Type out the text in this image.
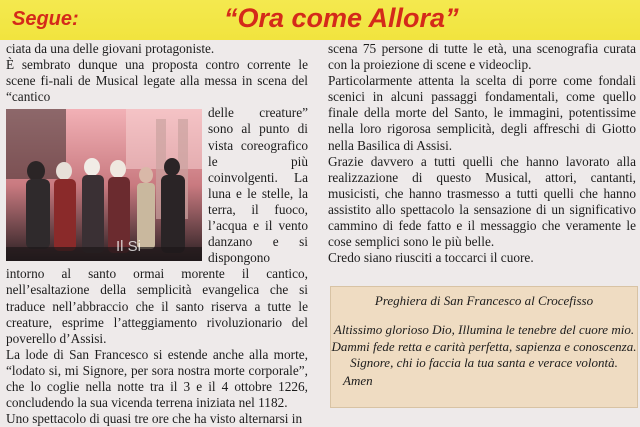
Segue:	“Ora come Allora”

ciata da una delle giovani protagoniste.

È sembrato dunque una proposta contro corrente le scene fi-nali de Musical legate alla messa in scena del “cantico

Il Si

delle creature” sono al punto di vista coreografico le più coinvolgenti. La luna e le stelle, la terra, il fuoco, l’acqua e il vento danzano e si dispongono intorno al santo ormai morente il cantico, nell’esaltazione della semplicità evangelica che si traduce nell’abbraccio che il santo riserva a tutte le creature, esprime l’atteggiamento rivoluzionario del poverello d’Assisi.

La lode di San Francesco si estende anche alla morte, “lodato si, mi Signore, per sora nostra morte corporale”, che lo coglie nella notte tra il 3 e il 4 ottobre 1226, concludendo la sua vicenda terrena iniziata nel 1182.

Uno spettacolo di quasi tre ore che ha visto alternarsi in

scena 75 persone di tutte le età, una scenografia curata con la proiezione di scene e videoclip.

Particolarmente attenta la scelta di porre come fondali scenici in alcuni passaggi fondamentali, come quello finale della morte del Santo, le immagini, potentissime nella loro rigorosa semplicità, degli affreschi di Giotto nella Basilica di Assisi.

Grazie davvero a tutti quelli che hanno lavorato alla realizzazione di questo Musical, attori, cantanti, musicisti, che hanno trasmesso a tutti quelli che hanno assistito allo spettacolo la sensazione di un significativo cammino di fede fatto e il messaggio che veramente le cose semplici sono le più belle.

Credo siano riusciti a toccarci il cuore.

Preghiera di San Francesco al Crocefisso
Altissimo glorioso Dio, Illumina le tenebre del cuore mio.
Dammi fede retta e carità perfetta, sapienza e conoscenza.
Signore, chi io faccia la tua santa e verace volontà.
Amen
